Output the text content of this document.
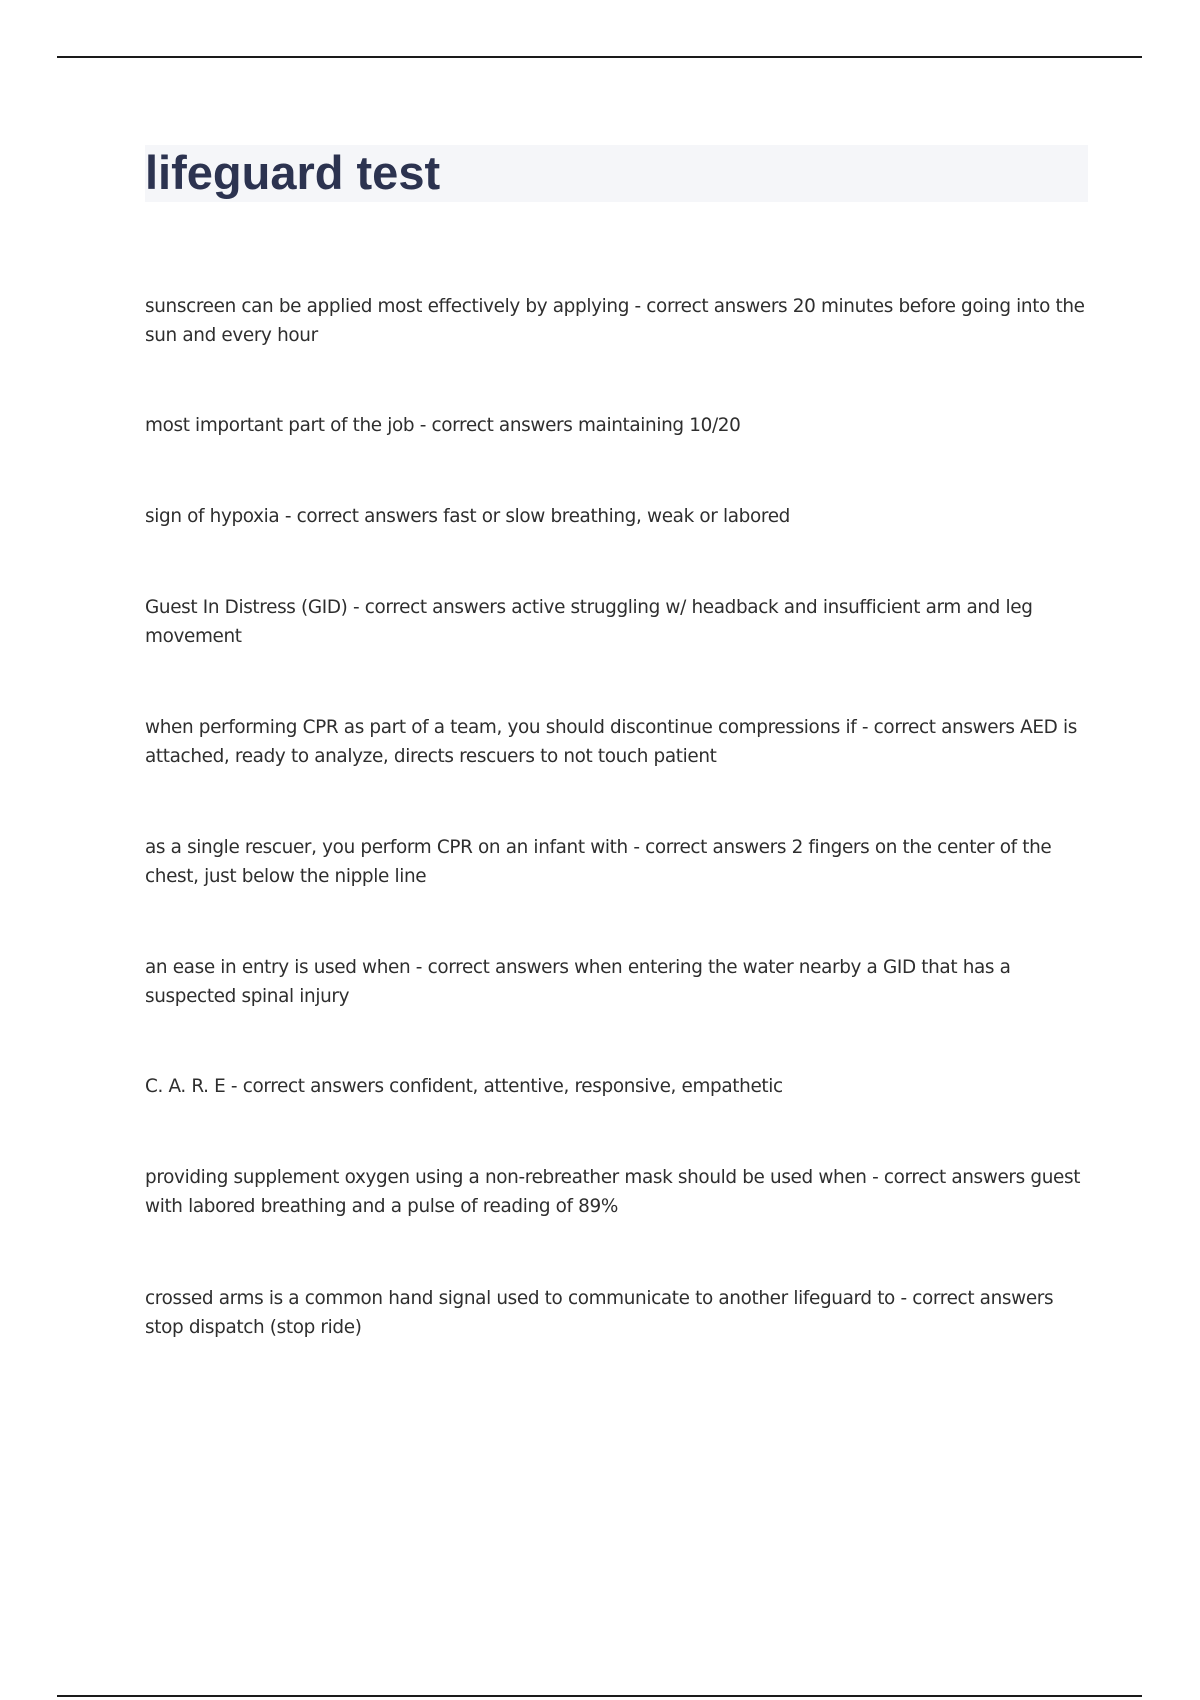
lifeguard test

sunscreen can be applied most effectively by applying - correct answers 20 minutes before going into the sun and every hour

most important part of the job - correct answers maintaining 10/20

sign of hypoxia - correct answers fast or slow breathing, weak or labored

Guest In Distress (GID) - correct answers active struggling w/ headback and insufficient arm and leg movement

when performing CPR as part of a team, you should discontinue compressions if - correct answers AED is attached, ready to analyze, directs rescuers to not touch patient

as a single rescuer, you perform CPR on an infant with - correct answers 2 fingers on the center of the chest, just below the nipple line

an ease in entry is used when - correct answers when entering the water nearby a GID that has a suspected spinal injury

C. A. R. E - correct answers confident, attentive, responsive, empathetic

providing supplement oxygen using a non-rebreather mask should be used when - correct answers guest with labored breathing and a pulse of reading of 89%

crossed arms is a common hand signal used to communicate to another lifeguard to - correct answers stop dispatch (stop ride)
